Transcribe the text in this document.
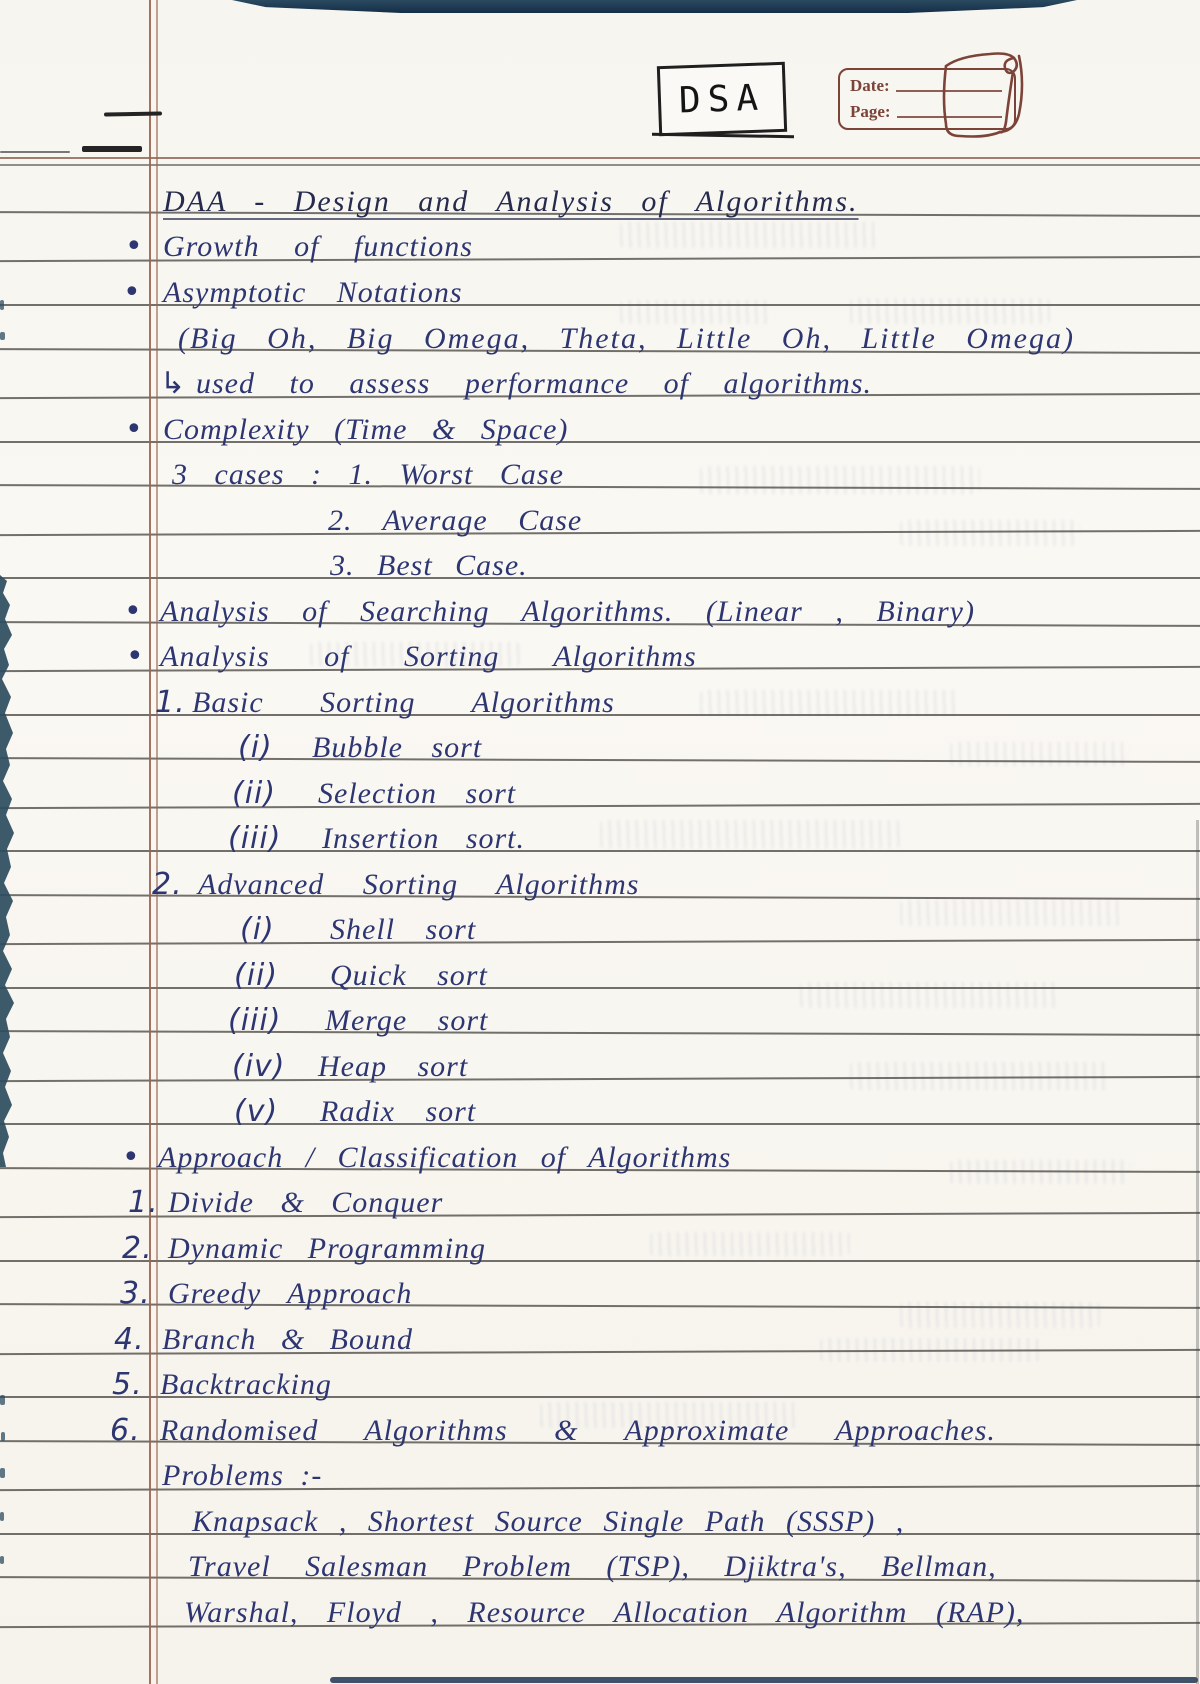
DSA	Date:
Page:
DAA - Design and Analysis of Algorithms.
• Growth of functions
• Asymptotic Notations
(Big Oh, Big Omega, Theta, Little Oh, Little Omega)
↳ used to assess performance of algorithms.
• Complexity (Time & Space)
3 cases : 1. Worst Case
2. Average Case
3. Best Case.
• Analysis of Searching Algorithms. (Linear , Binary)
• Analysis of Sorting Algorithms
1. Basic Sorting Algorithms
(i) Bubble sort
(ii) Selection sort
(iii) Insertion sort.
2. Advanced Sorting Algorithms
(i) Shell sort
(ii) Quick sort
(iii) Merge sort
(iv) Heap sort
(v) Radix sort
• Approach / Classification of Algorithms
1. Divide & Conquer
2. Dynamic Programming
3. Greedy Approach
4. Branch & Bound
5. Backtracking
6. Randomised Algorithms & Approximate Approaches.
Problems :-
Knapsack , Shortest Source Single Path (SSSP) ,
Travel Salesman Problem (TSP), Djiktra's, Bellman,
Warshal, Floyd , Resource Allocation Algorithm (RAP),
